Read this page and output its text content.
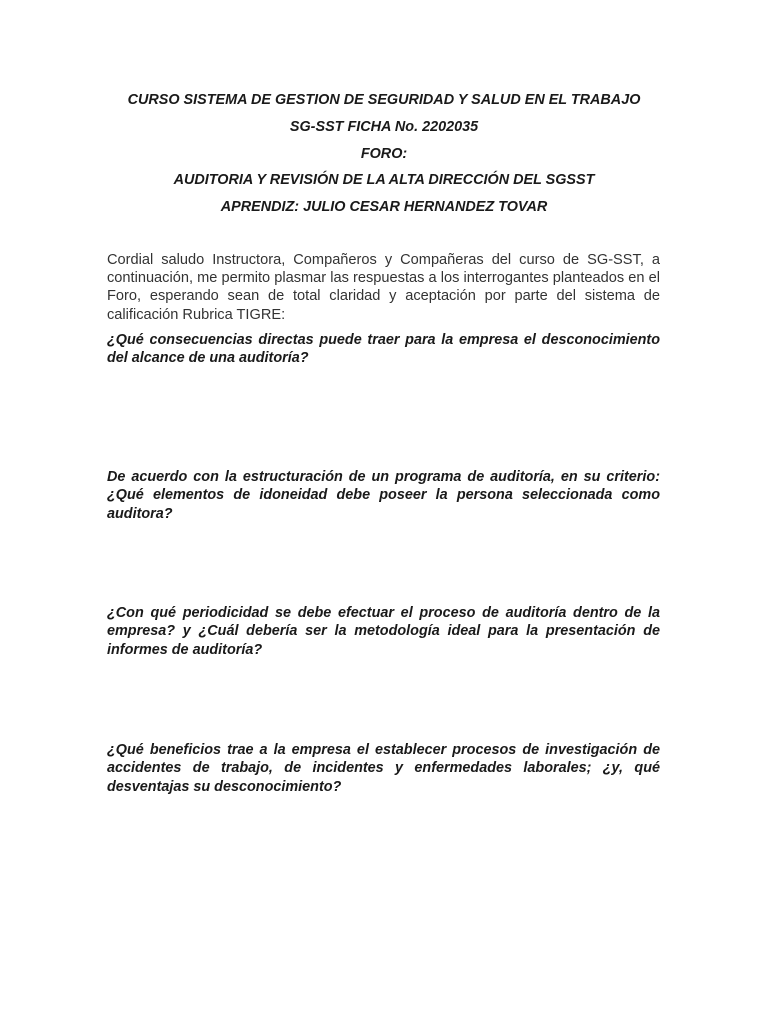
CURSO SISTEMA DE GESTION DE SEGURIDAD Y SALUD EN EL TRABAJO
SG-SST FICHA No. 2202035
FORO:
AUDITORIA Y REVISIÓN DE LA ALTA DIRECCIÓN DEL SGSST
APRENDIZ: JULIO CESAR HERNANDEZ TOVAR
Cordial saludo Instructora, Compañeros y Compañeras del curso de SG-SST, a continuación, me permito plasmar las respuestas a los interrogantes planteados en el Foro, esperando sean de total claridad y aceptación por parte del sistema de calificación Rubrica TIGRE:
¿Qué consecuencias directas puede traer para la empresa el desconocimiento del alcance de una auditoría?
De acuerdo con la estructuración de un programa de auditoría, en su criterio: ¿Qué elementos de idoneidad debe poseer la persona seleccionada como auditora?
¿Con qué periodicidad se debe efectuar el proceso de auditoría dentro de la empresa? y ¿Cuál debería ser la metodología ideal para la presentación de informes de auditoría?
¿Qué beneficios trae a la empresa el establecer procesos de investigación de accidentes de trabajo, de incidentes y enfermedades laborales; ¿y, qué desventajas su desconocimiento?
